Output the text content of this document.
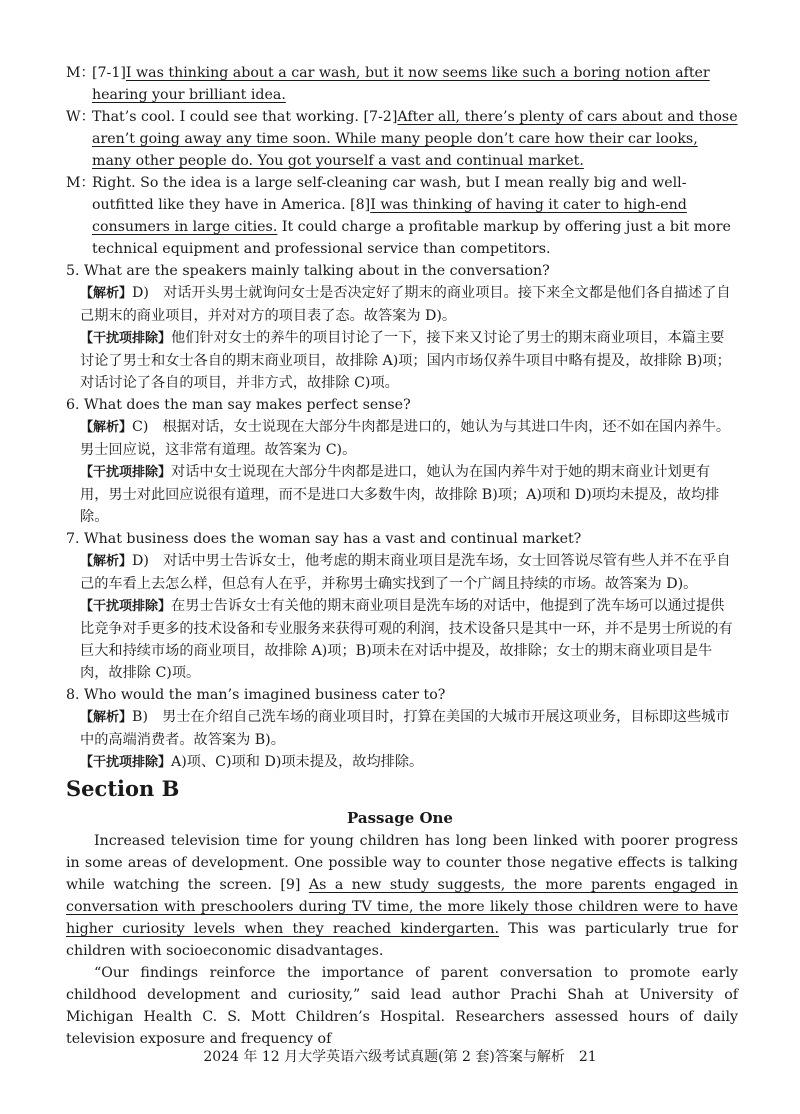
M：
[7-1]I was thinking about a car wash, but it now seems like such a boring notion after hearing your brilliant idea.
W：
That’s cool. I could see that working. [7-2]After all, there’s plenty of cars about and those aren’t going away any time soon. While many people don’t care how their car looks, many other people do. You got yourself a vast and continual market.
M：
Right. So the idea is a large self-cleaning car wash, but I mean really big and well-outfitted like they have in America. [8]I was thinking of having it cater to high-end consumers in large cities. It could charge a profitable markup by offering just a bit more technical equipment and professional service than competitors.
5. What are the speakers mainly talking about in the conversation?
【解析】D)　对话开头男士就询问女士是否决定好了期末的商业项目。接下来全文都是他们各自描述了自己期末的商业项目，并对对方的项目表了态。故答案为 D)。
【干扰项排除】他们针对女士的养牛的项目讨论了一下，接下来又讨论了男士的期末商业项目，本篇主要讨论了男士和女士各自的期末商业项目，故排除 A)项；国内市场仅养牛项目中略有提及，故排除 B)项；对话讨论了各自的项目，并非方式，故排除 C)项。
6. What does the man say makes perfect sense?
【解析】C)　根据对话，女士说现在大部分牛肉都是进口的，她认为与其进口牛肉，还不如在国内养牛。男士回应说，这非常有道理。故答案为 C)。
【干扰项排除】对话中女士说现在大部分牛肉都是进口，她认为在国内养牛对于她的期末商业计划更有用，男士对此回应说很有道理，而不是进口大多数牛肉，故排除 B)项；A)项和 D)项均未提及，故均排除。
7. What business does the woman say has a vast and continual market?
【解析】D)　对话中男士告诉女士，他考虑的期末商业项目是洗车场，女士回答说尽管有些人并不在乎自己的车看上去怎么样，但总有人在乎，并称男士确实找到了一个广阔且持续的市场。故答案为 D)。
【干扰项排除】在男士告诉女士有关他的期末商业项目是洗车场的对话中，他提到了洗车场可以通过提供比竞争对手更多的技术设备和专业服务来获得可观的利润，技术设备只是其中一环，并不是男士所说的有巨大和持续市场的商业项目，故排除 A)项；B)项未在对话中提及，故排除；女士的期末商业项目是牛肉，故排除 C)项。
8. Who would the man’s imagined business cater to?
【解析】B)　男士在介绍自己洗车场的商业项目时，打算在美国的大城市开展这项业务，目标即这些城市中的高端消费者。故答案为 B)。
【干扰项排除】A)项、C)项和 D)项未提及，故均排除。
Section B
Passage One
Increased television time for young children has long been linked with poorer progress in some areas of development. One possible way to counter those negative effects is talking while watching the screen. [9] As a new study suggests, the more parents engaged in conversation with preschoolers during TV time, the more likely those children were to have higher curiosity levels when they reached kindergarten. This was particularly true for children with socioeconomic disadvantages.
“Our findings reinforce the importance of parent conversation to promote early childhood development and curiosity,” said lead author Prachi Shah at University of Michigan Health C. S. Mott Children’s Hospital. Researchers assessed hours of daily television exposure and frequency of
2024 年 12 月大学英语六级考试真题(第 2 套)答案与解析　21
